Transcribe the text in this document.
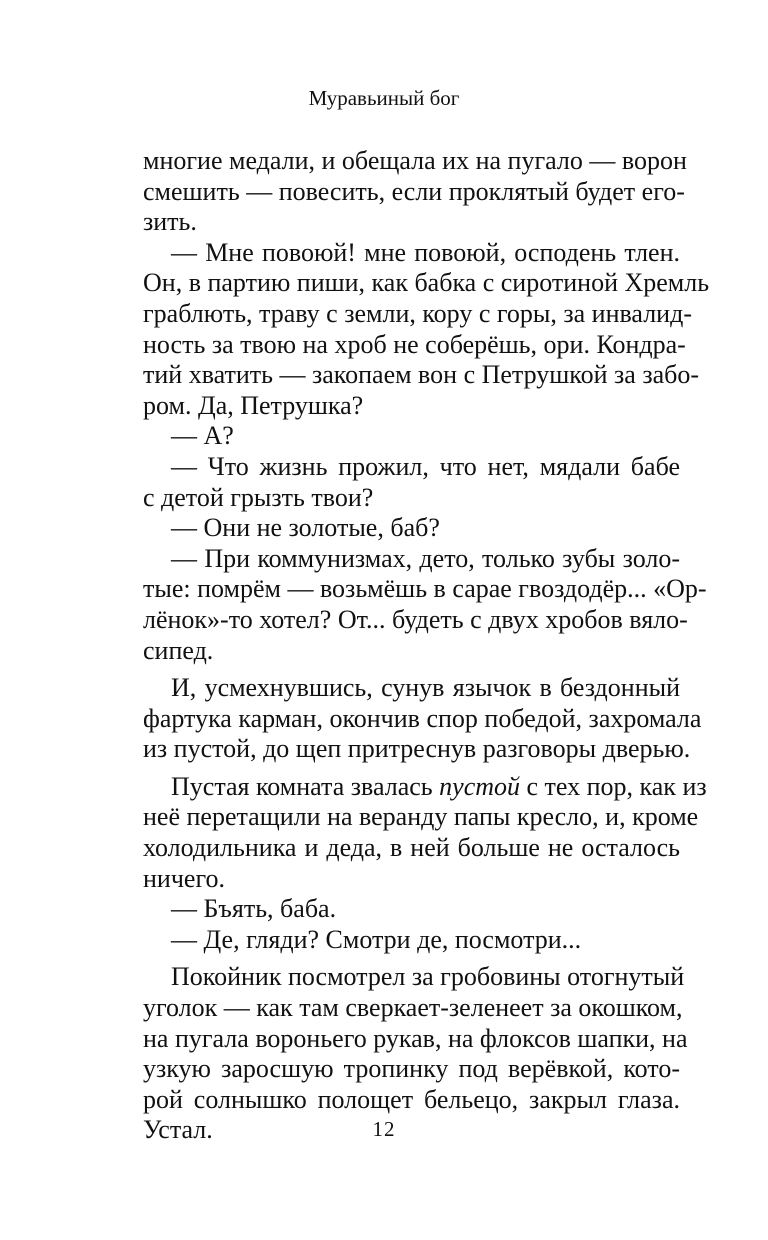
Муравьиный бог
многие медали, и обещала их на пугало — ворон
смешить — повесить, если проклятый будет его-
зить.
— Мне повоюй! мне повоюй, осподень тлен.
Он, в партию пиши, как бабка с сиротиной Хремль
граблють, траву с земли, кору с горы, за инвалид-
ность за твою на хроб не соберёшь, ори. Кондра-
тий хватить — закопаем вон с Петрушкой за забо-
ром. Да, Петрушка?
— А?
— Что жизнь прожил, что нет, мядали бабе
с детой грызть твои?
— Они не золотые, баб?
— При коммунизмах, дето, только зубы золо-
тые: помрём — возьмёшь в сарае гвоздодёр... «Ор-
лёнок»-то хотел? От... будеть с двух хробов вяло-
сипед.
И, усмехнувшись, сунув язычок в бездонный
фартука карман, окончив спор победой, захромала
из пустой, до щеп притреснув разговоры дверью.
Пустая комната звалась пустой с тех пор, как из
неё перетащили на веранду папы кресло, и, кроме
холодильника и деда, в ней больше не осталось
ничего.
— Бъять, баба.
— Де, гляди? Смотри де, посмотри...
Покойник посмотрел за гробовины отогнутый
уголок — как там сверкает-зеленеет за окошком,
на пугала вороньего рукав, на флоксов шапки, на
узкую заросшую тропинку под верёвкой, кото-
рой солнышко полощет бельецо, закрыл глаза.
Устал.	12
